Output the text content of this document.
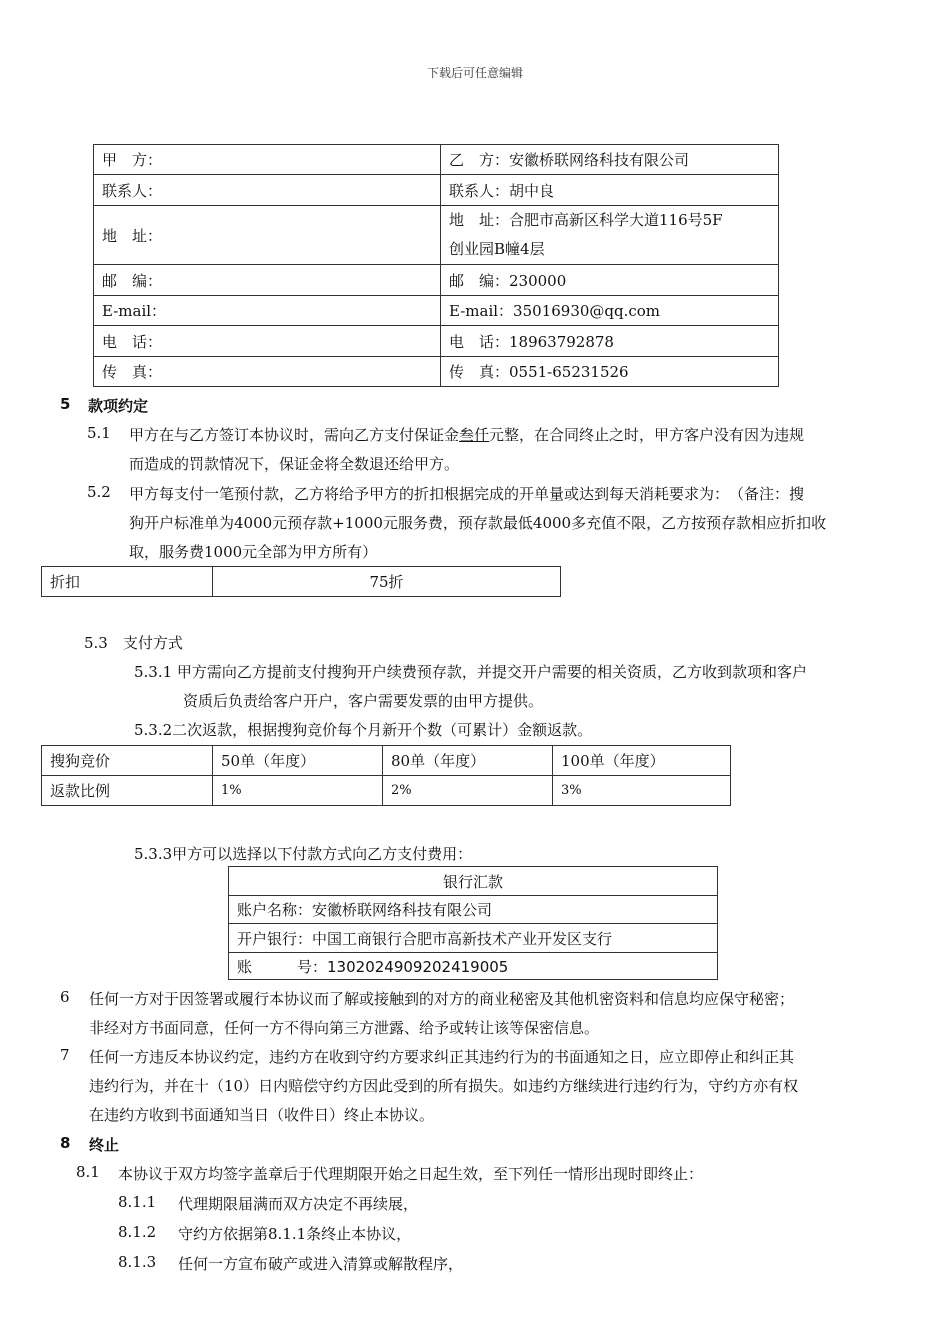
下载后可任意编辑
甲　方：	乙　方：安徽桥联网络科技有限公司
联系人：	联系人：胡中良
地　址：	地　址：合肥市高新区科学大道116号5F
创业园B幢4层

邮　编：	邮　编：230000
E-mail：	E-mail：35016930@qq.com
电　话：	电　话：18963792878
传　真：	传　真：0551-65231526
5 款项约定
5.1 甲方在与乙方签订本协议时，需向乙方支付保证金叁仟元整，在合同终止之时，甲方客户没有因为违规
而造成的罚款情况下，保证金将全数退还给甲方。
5.2 甲方每支付一笔预付款，乙方将给予甲方的折扣根据完成的开单量或达到每天消耗要求为：　（备注：搜
狗开户标准单为4000元预存款+1000元服务费，预存款最低4000多充值不限，乙方按预存款相应折扣收
取，服务费1000元全部为甲方所有）
折扣	75折
5.3　支付方式
5.3.1 甲方需向乙方提前支付搜狗开户续费预存款，并提交开户需要的相关资质，乙方收到款项和客户
资质后负责给客户开户，客户需要发票的由甲方提供。
5.3.2二次返款，根据搜狗竞价每个月新开个数（可累计）金额返款。
搜狗竞价	50单（年度）	80单（年度）	100单（年度）
返款比例	1%	2%	3%
5.3.3甲方可以选择以下付款方式向乙方支付费用：
银行汇款
账户名称：安徽桥联网络科技有限公司
开户银行：中国工商银行合肥市高新技术产业开发区支行
账　　　号：1302024909202419005
6 任何一方对于因签署或履行本协议而了解或接触到的对方的商业秘密及其他机密资料和信息均应保守秘密；
非经对方书面同意，任何一方不得向第三方泄露、给予或转让该等保密信息。
7 任何一方违反本协议约定，违约方在收到守约方要求纠正其违约行为的书面通知之日，应立即停止和纠正其
违约行为，并在十（10）日内赔偿守约方因此受到的所有损失。如违约方继续进行违约行为，守约方亦有权
在违约方收到书面通知当日（收件日）终止本协议。
8 终止
8.1 本协议于双方均签字盖章后于代理期限开始之日起生效，至下列任一情形出现时即终止：
8.1.1 代理期限届满而双方决定不再续展，
8.1.2 守约方依据第8.1.1条终止本协议，
8.1.3 任何一方宣布破产或进入清算或解散程序，
